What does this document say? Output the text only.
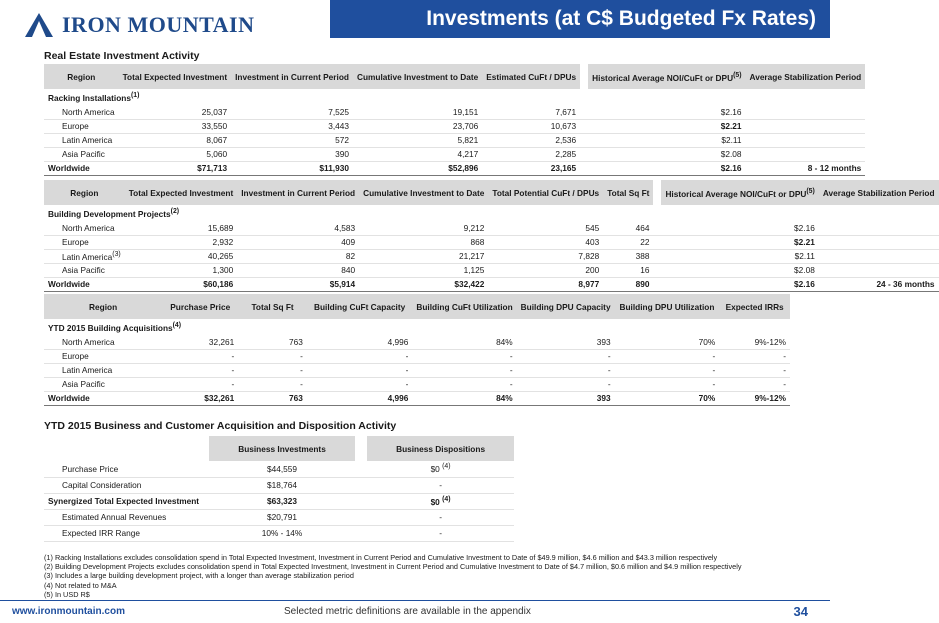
IRON MOUNTAIN	Investments (at C$ Budgeted Fx Rates)
Real Estate Investment Activity
Region	Total Expected Investment	Investment in Current Period	Cumulative Investment to Date	Estimated CuFt / DPUs		Historical Average NOI/CuFt or DPU$^{(5)}$	Average Stabilization Period
Racking Installations$^{(1)}$
North America	25,037	7,525	19,151	7,671		$2.16	
Europe	33,550	3,443	23,706	10,673		$2.21	
Latin America	8,067	572	5,821	2,536		$2.11	
Asia Pacific	5,060	390	4,217	2,285		$2.08	
Worldwide	$71,713	$11,930	$52,896	23,165		$2.16	8 - 12 months
Region	Total Expected Investment	Investment in Current Period	Cumulative Investment to Date	Total Potential CuFt / DPUs	Total Sq Ft		Historical Average NOI/CuFt or DPU$^{(5)}$	Average Stabilization Period
Building Development Projects$^{(2)}$
North America	15,689	4,583	9,212	545	464		$2.16	
Europe	2,932	409	868	403	22		$2.21	
Latin America$^{(3)}$	40,265	82	21,217	7,828	388		$2.11	
Asia Pacific	1,300	840	1,125	200	16		$2.08	
Worldwide	$60,186	$5,914	$32,422	8,977	890		$2.16	24 - 36 months
Region	Purchase Price	Total Sq Ft	Building CuFt Capacity	Building CuFt Utilization	Building DPU Capacity	Building DPU Utilization	Expected IRRs
YTD 2015 Building Acquisitions$^{(4)}$
North America	32,261	763	4,996	84%	393	70%	9%-12%
Europe	-	-	-	-	-	-	-
Latin America	-	-	-	-	-	-	-
Asia Pacific	-	-	-	-	-	-	-
Worldwide	$32,261	763	4,996	84%	393	70%	9%-12%
YTD 2015 Business and Customer Acquisition and Disposition Activity
	Business Investments		Business Dispositions
Purchase Price	$44,559		$0 $^{(4)}$
Capital Consideration	$18,764		-
Synergized Total Expected Investment	$63,323		$0 $^{(4)}$
Estimated Annual Revenues	$20,791		-
Expected IRR Range	10% - 14%		-
(1) Racking Installations excludes consolidation spend in Total Expected Investment, Investment in Current Period and Cumulative Investment to Date of $49.9 million, $4.6 million and $43.3 million respectively
(2) Building Development Projects excludes consolidation spend in Total Expected Investment, Investment in Current Period and Cumulative Investment to Date of $4.7 million, $0.6 million and $4.9 million respectively
(3) Includes a large building development project, with a longer than average stabilization period
(4) Not related to M&A
(5) In USD R$
www.ironmountain.com	Selected metric definitions are available in the appendix	34
